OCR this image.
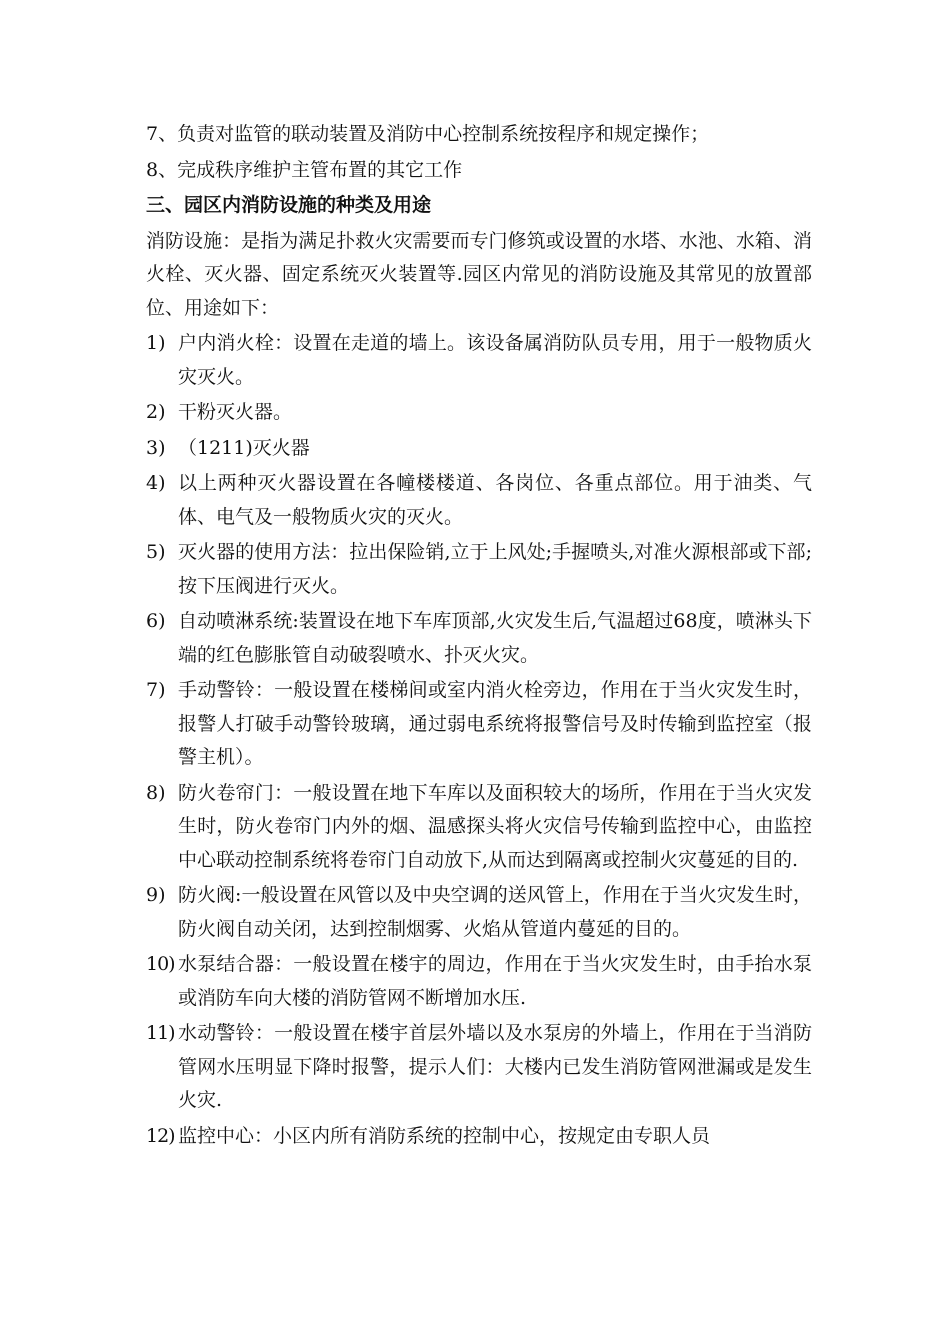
7、负责对监管的联动装置及消防中心控制系统按程序和规定操作；

8、完成秩序维护主管布置的其它工作

三、园区内消防设施的种类及用途

消防设施：是指为满足扑救火灾需要而专门修筑或设置的水塔、水池、水箱、消火栓、灭火器、固定系统灭火装置等.园区内常见的消防设施及其常见的放置部位、用途如下：

1) 户内消火栓：设置在走道的墙上。该设备属消防队员专用，用于一般物质火灾灭火。
2) 干粉灭火器。
3) （1211)灭火器
4) 以上两种灭火器设置在各幢楼楼道、各岗位、各重点部位。用于油类、气体、电气及一般物质火灾的灭火。
5) 灭火器的使用方法：拉出保险销,立于上风处;手握喷头,对准火源根部或下部;按下压阀进行灭火。
6) 自动喷淋系统:装置设在地下车库顶部,火灾发生后,气温超过68度，喷淋头下端的红色膨胀管自动破裂喷水、扑灭火灾。
7) 手动警铃：一般设置在楼梯间或室内消火栓旁边，作用在于当火灾发生时，报警人打破手动警铃玻璃，通过弱电系统将报警信号及时传输到监控室（报警主机）。
8) 防火卷帘门：一般设置在地下车库以及面积较大的场所，作用在于当火灾发生时，防火卷帘门内外的烟、温感探头将火灾信号传输到监控中心，由监控中心联动控制系统将卷帘门自动放下,从而达到隔离或控制火灾蔓延的目的.
9) 防火阀:一般设置在风管以及中央空调的送风管上，作用在于当火灾发生时，防火阀自动关闭，达到控制烟雾、火焰从管道内蔓延的目的。
10) 水泵结合器：一般设置在楼宇的周边，作用在于当火灾发生时，由手抬水泵或消防车向大楼的消防管网不断增加水压.
11) 水动警铃：一般设置在楼宇首层外墙以及水泵房的外墙上，作用在于当消防管网水压明显下降时报警，提示人们：大楼内已发生消防管网泄漏或是发生火灾.
12) 监控中心：小区内所有消防系统的控制中心，按规定由专职人员
